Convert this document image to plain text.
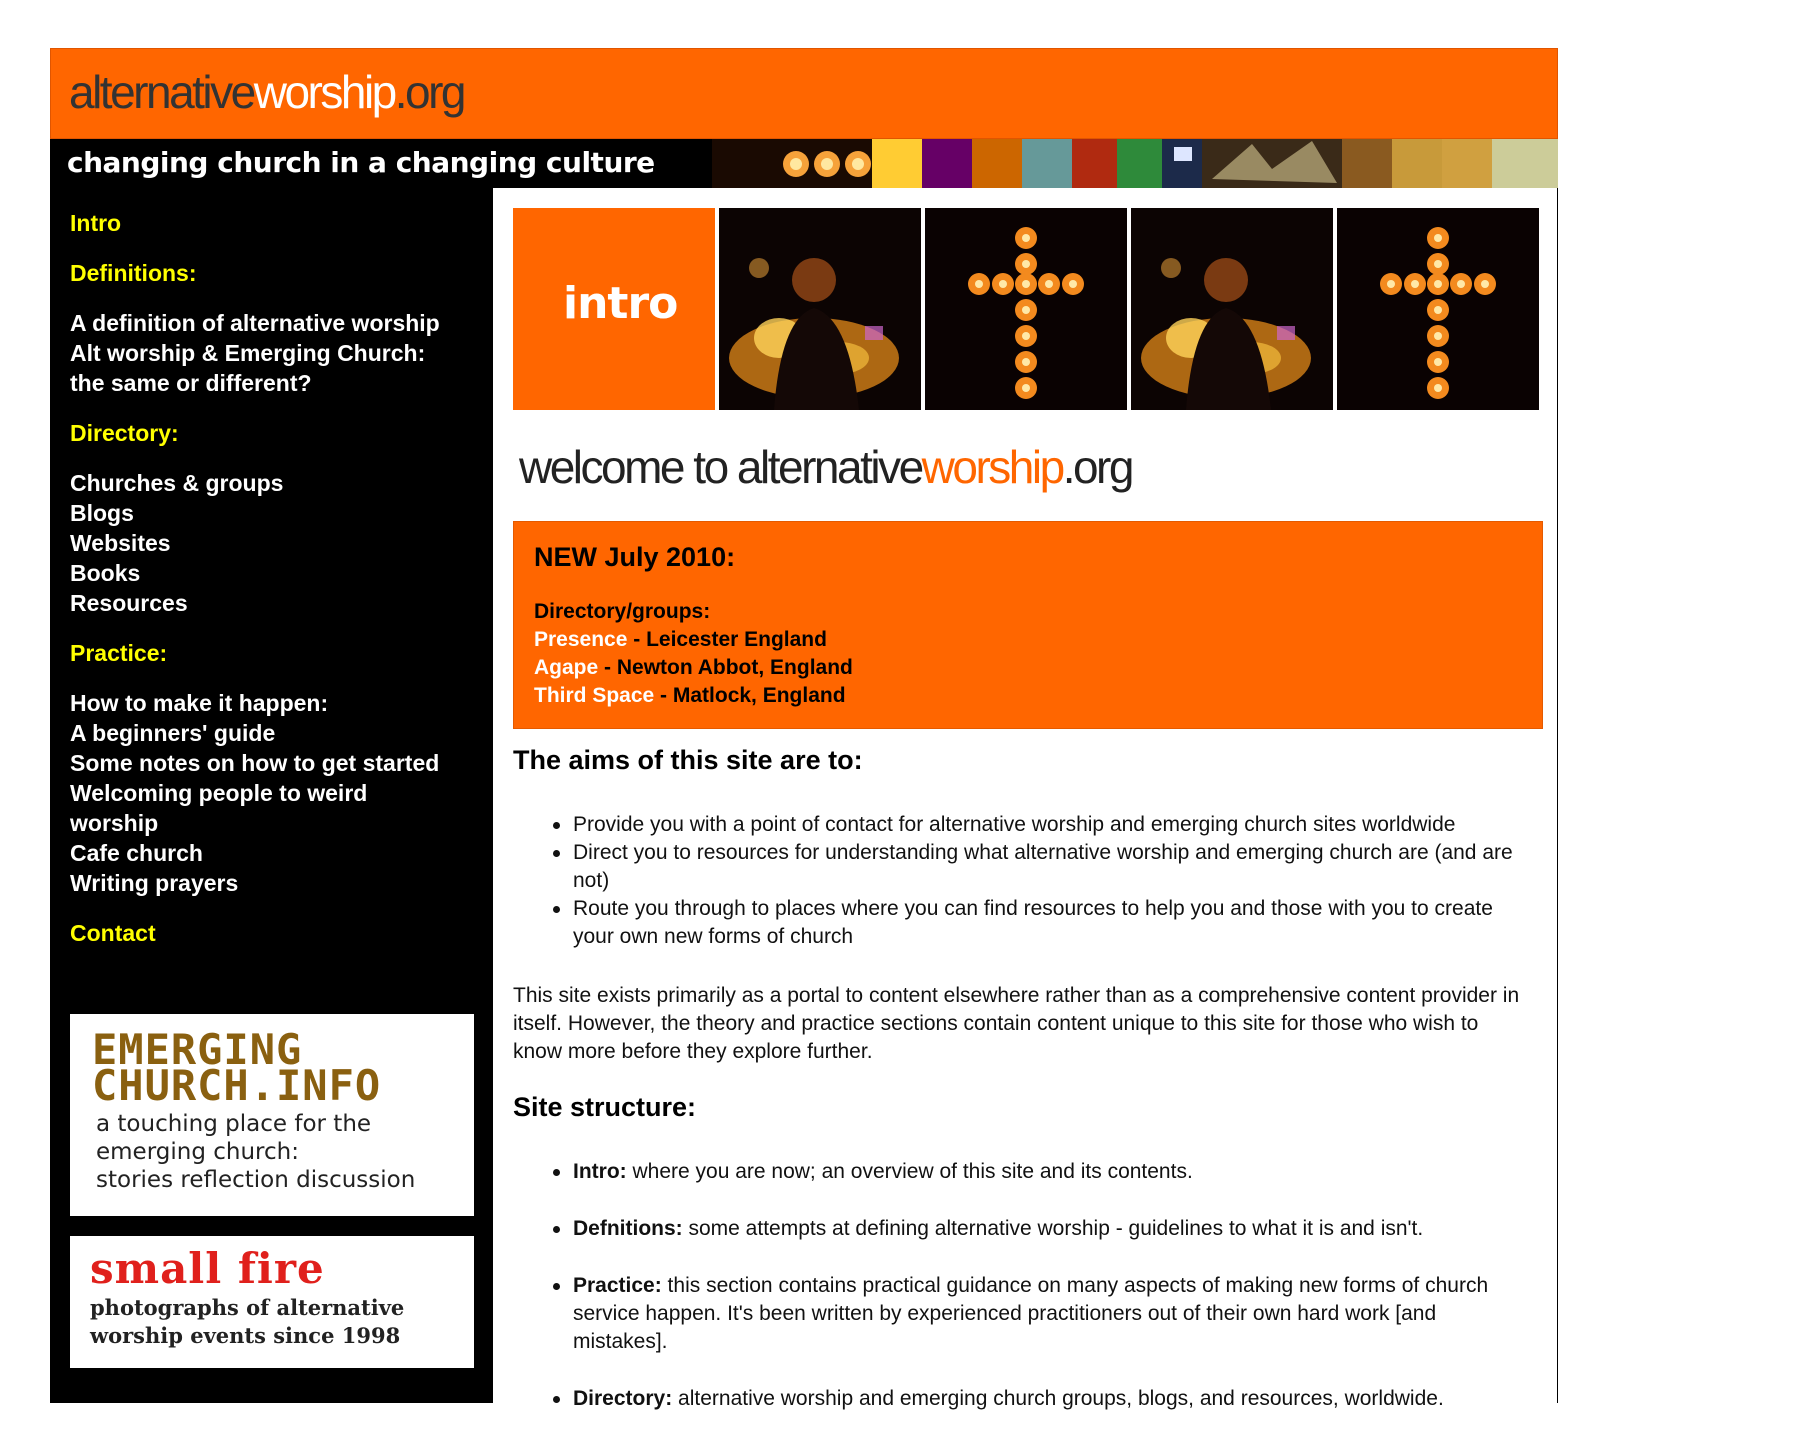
alternativeworship.org
changing church in a changing culture
Intro
Definitions:
A definition of alternative worship
Alt worship & Emerging Church:
the same or different?
Directory:
Churches & groups
Blogs
Websites
Books
Resources
Practice:
How to make it happen:
A beginners' guide
Some notes on how to get started
Welcoming people to weird
worship
Cafe church
Writing prayers
Contact
EMERGING
CHURCH.INFO
a touching place for the
emerging church:
stories reflection discussion
small fire
photographs of alternative
worship events since 1998
intro
welcome to alternativeworship.org
NEW July 2010:
Directory/groups:
Presence - Leicester England
Agape - Newton Abbot, England
Third Space - Matlock, England
The aims of this site are to:
Provide you with a point of contact for alternative worship and emerging church sites worldwide
Direct you to resources for understanding what alternative worship and emerging church are (and are not)
Route you through to places where you can find resources to help you and those with you to create your own new forms of church
This site exists primarily as a portal to content elsewhere rather than as a comprehensive content provider in itself. However, the theory and practice sections contain content unique to this site for those who wish to know more before they explore further.
Site structure:
Intro: where you are now; an overview of this site and its contents.
Defnitions: some attempts at defining alternative worship - guidelines to what it is and isn't.
Practice: this section contains practical guidance on many aspects of making new forms of church service happen. It's been written by experienced practitioners out of their own hard work [and mistakes].
Directory: alternative worship and emerging church groups, blogs, and resources, worldwide.
